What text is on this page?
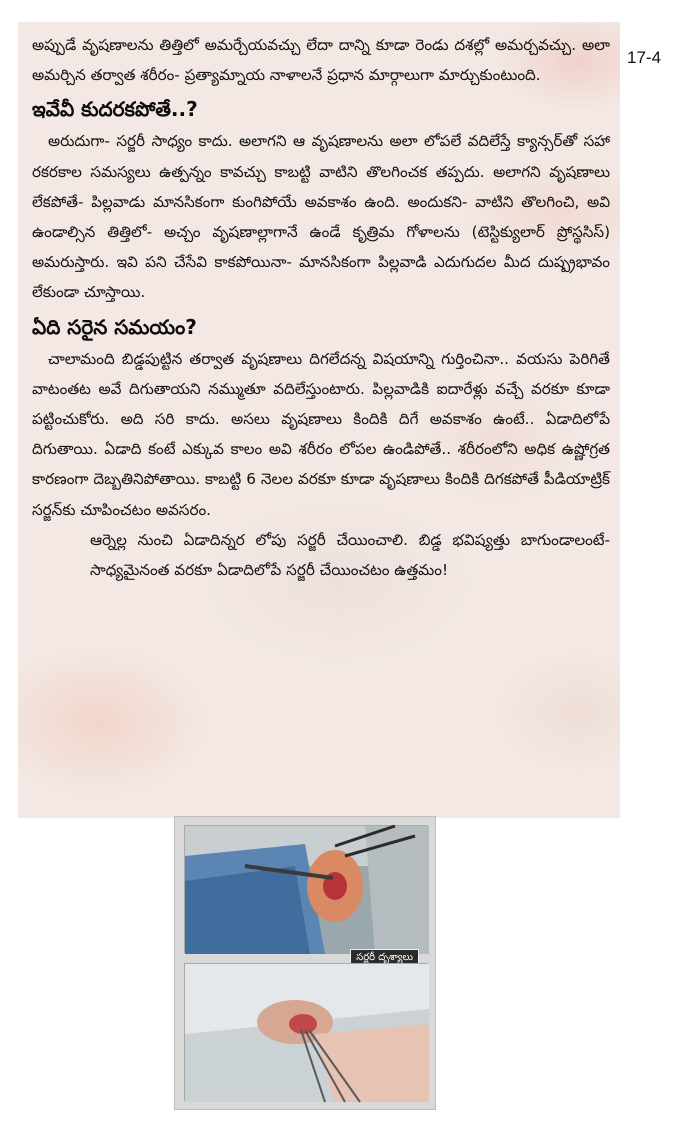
అప్పుడే వృషణాలను తిత్తిలో అమర్చేయవచ్చు లేదా దాన్ని కూడా రెండు దశల్లో అమర్చవచ్చు. అలా అమర్చిన తర్వాత శరీరం- ప్రత్యామ్నాయ నాళాలనే ప్రధాన మార్గాలుగా మార్చుకుంటుంది.

ఇవేవీ కుదరకపోతే..?

అరుదుగా- సర్జరీ సాధ్యం కాదు. అలాగని ఆ వృషణాలను అలా లోపలే వదిలేస్తే క్యాన్సర్‌తో సహా రకరకాల సమస్యలు ఉత్పన్నం కావచ్చు కాబట్టి వాటిని తొలగించక తప్పదు. అలాగని వృషణాలు లేకపోతే- పిల్లవాడు మానసికంగా కుంగిపోయే అవకాశం ఉంది. అందుకని- వాటిని తొలగించి, అవి ఉండాల్సిన తిత్తిలో- అచ్చం వృషణాల్లాగానే ఉండే కృత్రిమ గోళాలను (టెస్టిక్యులార్ ప్రోస్థసిస్) అమరుస్తారు. ఇవి పని చేసేవి కాకపోయినా- మానసికంగా పిల్లవాడి ఎదుగుదల మీద దుష్ప్రభావం లేకుండా చూస్తాయి.

ఏది సరైన సమయం?

చాలామంది బిడ్డపుట్టిన తర్వాత వృషణాలు దిగలేదన్న విషయాన్ని గుర్తించినా.. వయసు పెరిగితే వాటంతట అవే దిగుతాయని నమ్ముతూ వదిలేస్తుంటారు. పిల్లవాడికి ఐదారేళ్లు వచ్చే వరకూ కూడా పట్టించుకోరు. అది సరి కాదు. అసలు వృషణాలు కిందికి దిగే అవకాశం ఉంటే.. ఏడాదిలోపే దిగుతాయి. ఏడాది కంటే ఎక్కువ కాలం అవి శరీరం లోపల ఉండిపోతే.. శరీరంలోని అధిక ఉష్ణోగ్రత కారణంగా దెబ్బతినిపోతాయి. కాబట్టి 6 నెలల వరకూ కూడా వృషణాలు కిందికి దిగకపోతే పీడియాట్రిక్ సర్జన్‌కు చూపించటం అవసరం.

ఆర్నెల్ల నుంచి ఏడాదిన్నర లోపు సర్జరీ చేయించాలి. బిడ్డ భవిష్యత్తు బాగుండాలంటే- సాధ్యమైనంత వరకూ ఏడాదిలోపే సర్జరీ చేయించటం ఉత్తమం!

17-4
సర్జరీ దృశ్యాలు
